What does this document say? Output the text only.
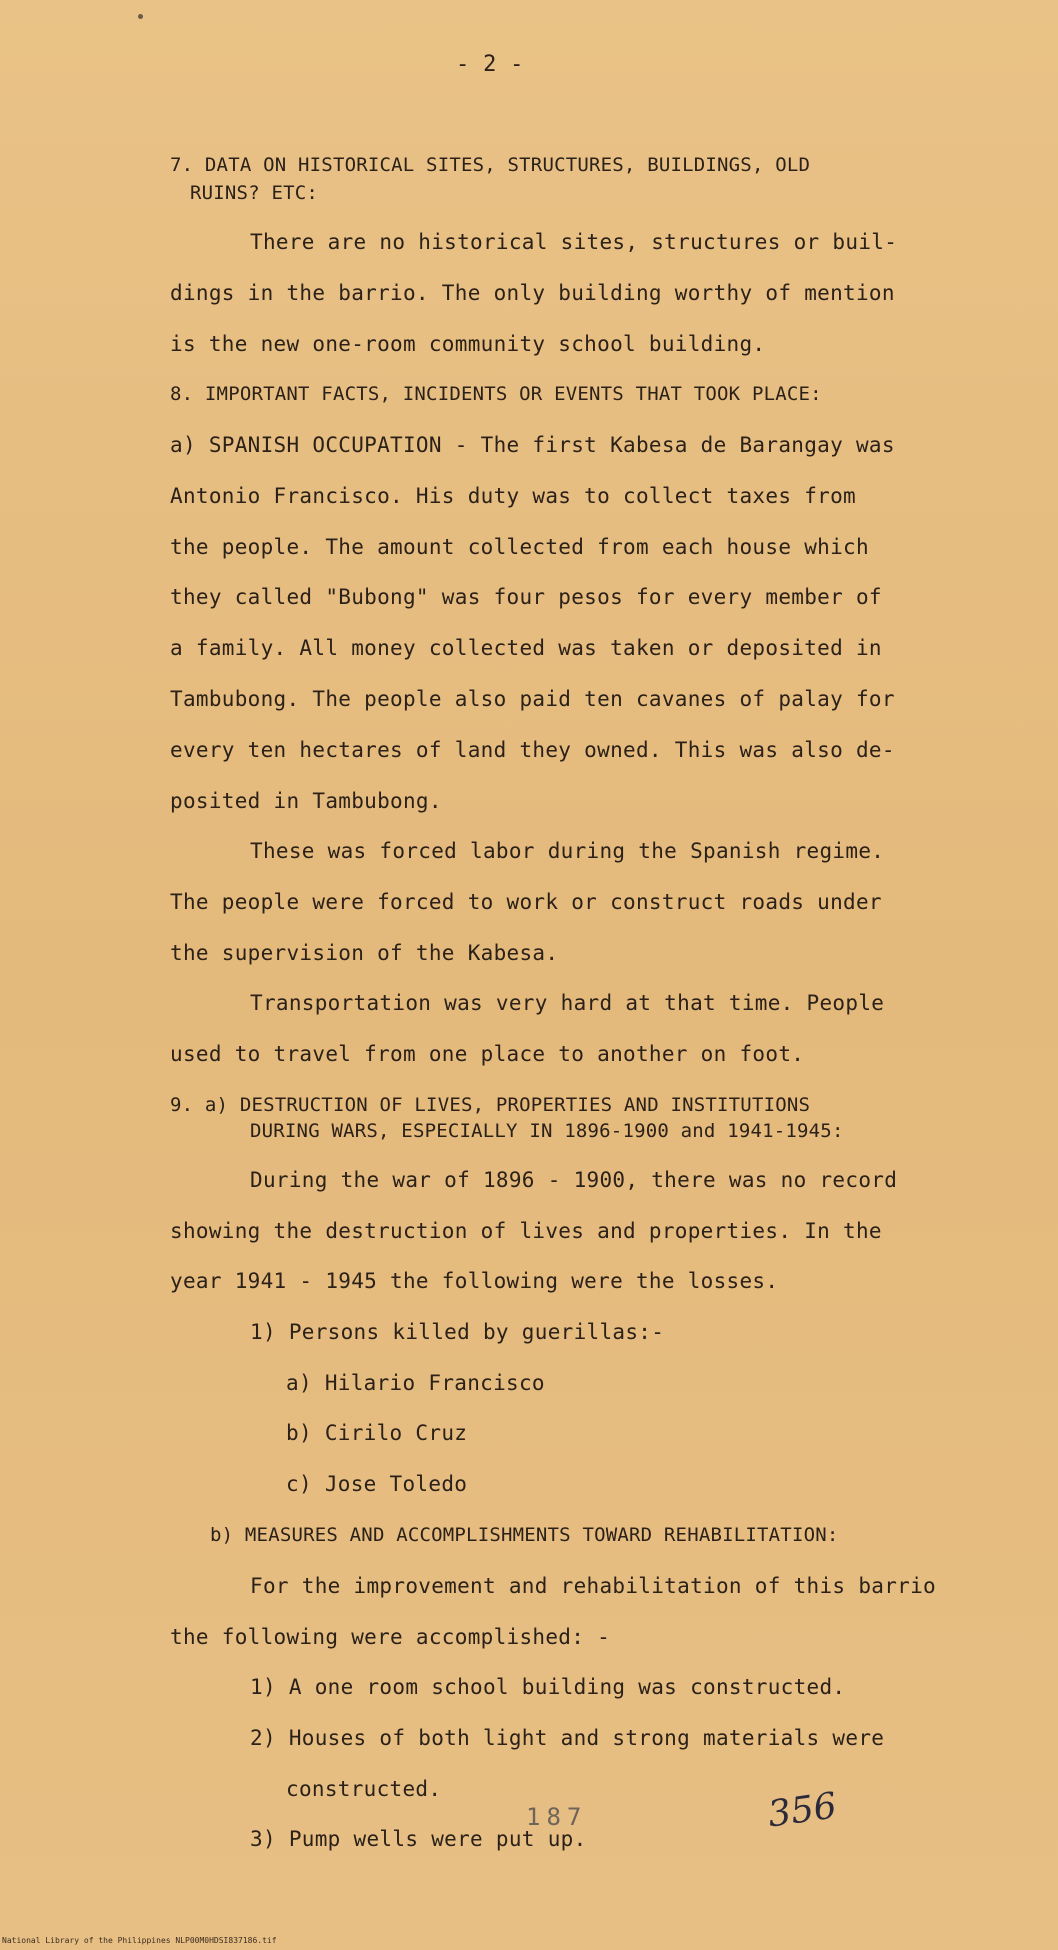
- 2 -
7. DATA ON HISTORICAL SITES, STRUCTURES, BUILDINGS, OLD
RUINS? ETC:
There are no historical sites, structures or buil-
dings in the barrio. The only building worthy of mention
is the new one-room community school building.
8. IMPORTANT FACTS, INCIDENTS OR EVENTS THAT TOOK PLACE:
a) SPANISH OCCUPATION - The first Kabesa de Barangay was
Antonio Francisco. His duty was to collect taxes from
the people. The amount collected from each house which
they called "Bubong" was four pesos for every member of
a family. All money collected was taken or deposited in
Tambubong. The people also paid ten cavanes of palay for
every ten hectares of land they owned. This was also de-
posited in Tambubong.
These was forced labor during the Spanish regime.
The people were forced to work or construct roads under
the supervision of the Kabesa.
Transportation was very hard at that time. People
used to travel from one place to another on foot.
9. a) DESTRUCTION OF LIVES, PROPERTIES AND INSTITUTIONS
DURING WARS, ESPECIALLY IN 1896-1900 and 1941-1945:
During the war of 1896 - 1900, there was no record
showing the destruction of lives and properties. In the
year 1941 - 1945 the following were the losses.
1) Persons killed by guerillas:-
a) Hilario Francisco
b) Cirilo Cruz
c) Jose Toledo
b) MEASURES AND ACCOMPLISHMENTS TOWARD REHABILITATION:
For the improvement and rehabilitation of this barrio
the following were accomplished: -
1) A one room school building was constructed.
2) Houses of both light and strong materials were
constructed.
3) Pump wells were put up.
187	356
National Library of the Philippines NLP00M0HDSI837186.tif
